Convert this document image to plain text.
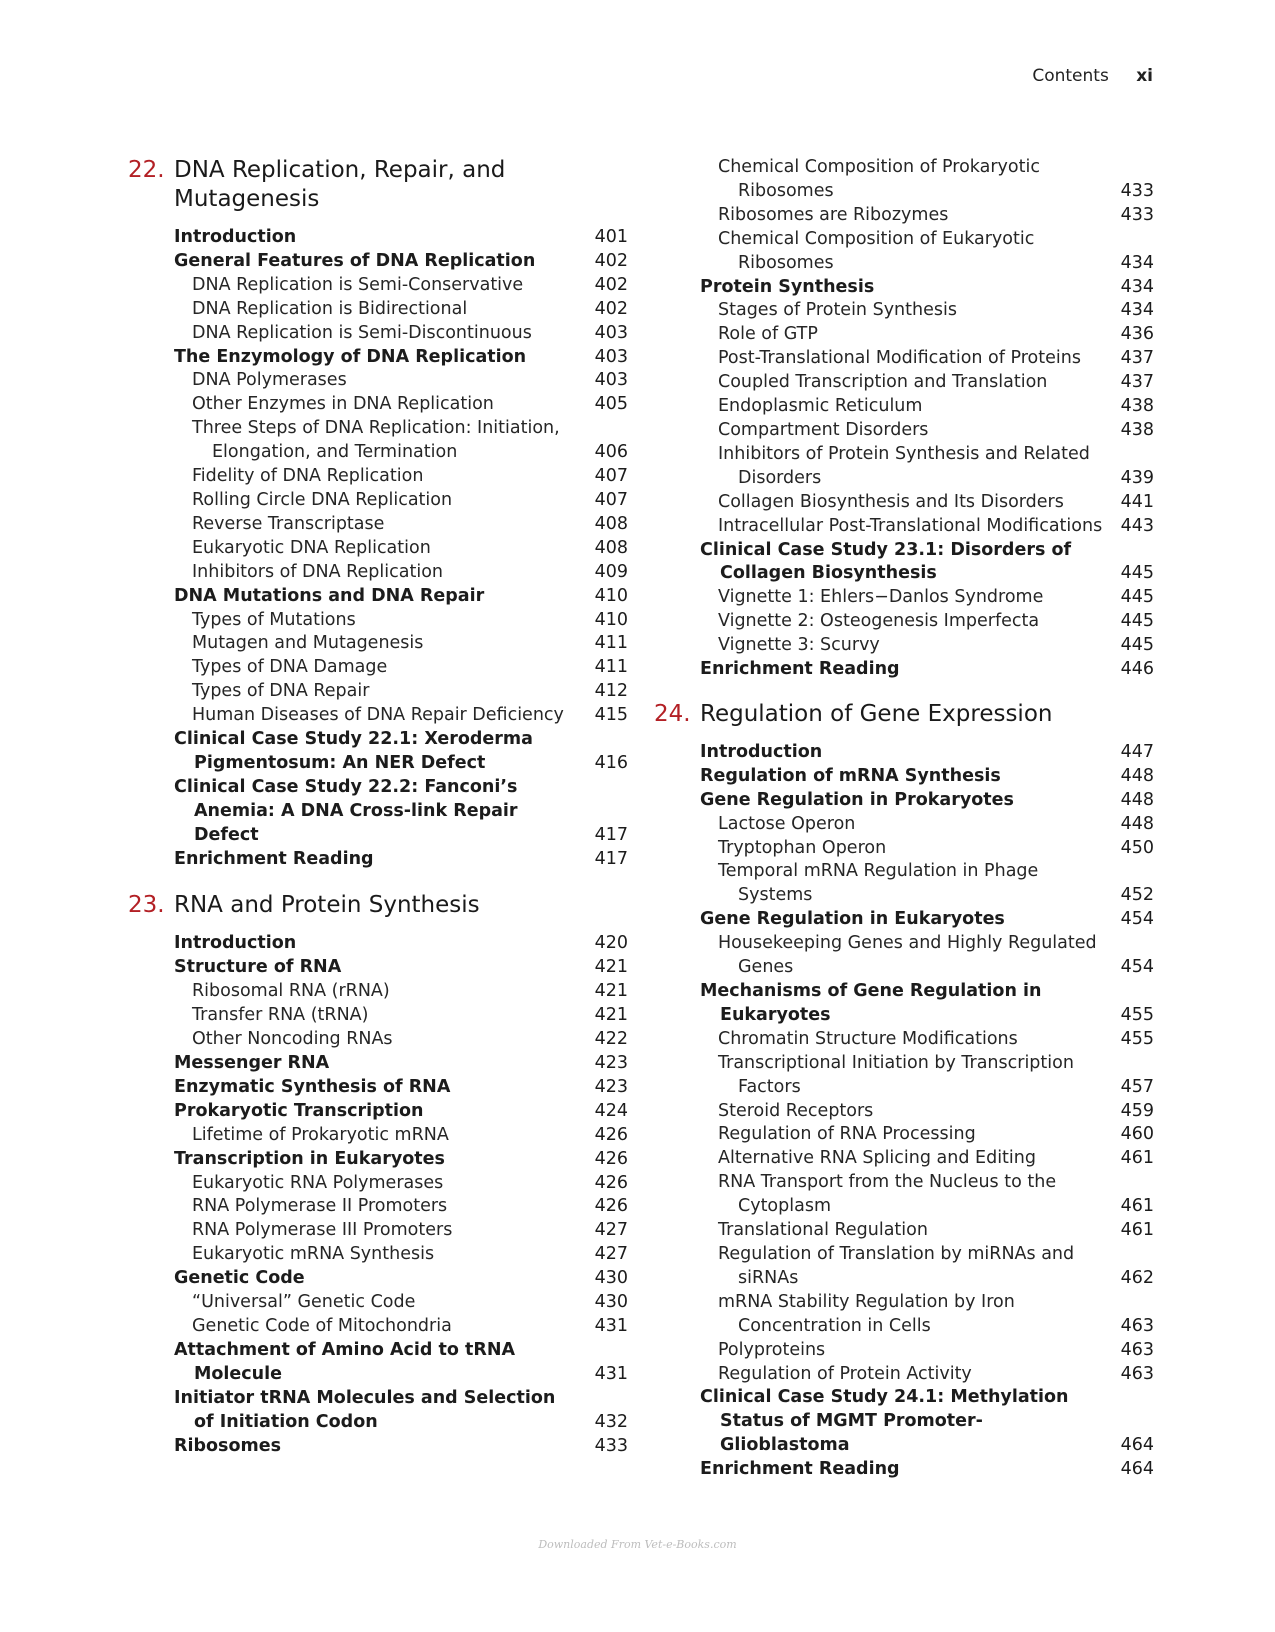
Contents xi
22. DNA Replication, Repair, and Mutagenesis
Introduction	401
General Features of DNA Replication	402
DNA Replication is Semi-Conservative	402
DNA Replication is Bidirectional	402
DNA Replication is Semi-Discontinuous	403
The Enzymology of DNA Replication	403
DNA Polymerases	403
Other Enzymes in DNA Replication	405
Three Steps of DNA Replication: Initiation, Elongation, and Termination	406
Fidelity of DNA Replication	407
Rolling Circle DNA Replication	407
Reverse Transcriptase	408
Eukaryotic DNA Replication	408
Inhibitors of DNA Replication	409
DNA Mutations and DNA Repair	410
Types of Mutations	410
Mutagen and Mutagenesis	411
Types of DNA Damage	411
Types of DNA Repair	412
Human Diseases of DNA Repair Deficiency	415
Clinical Case Study 22.1: Xeroderma Pigmentosum: An NER Defect	416
Clinical Case Study 22.2: Fanconi’s Anemia: A DNA Cross-link Repair Defect	417
Enrichment Reading	417
23. RNA and Protein Synthesis
Introduction	420
Structure of RNA	421
Ribosomal RNA (rRNA)	421
Transfer RNA (tRNA)	421
Other Noncoding RNAs	422
Messenger RNA	423
Enzymatic Synthesis of RNA	423
Prokaryotic Transcription	424
Lifetime of Prokaryotic mRNA	426
Transcription in Eukaryotes	426
Eukaryotic RNA Polymerases	426
RNA Polymerase II Promoters	426
RNA Polymerase III Promoters	427
Eukaryotic mRNA Synthesis	427
Genetic Code	430
“Universal” Genetic Code	430
Genetic Code of Mitochondria	431
Attachment of Amino Acid to tRNA Molecule	431
Initiator tRNA Molecules and Selection of Initiation Codon	432
Ribosomes	433
Chemical Composition of Prokaryotic Ribosomes	433
Ribosomes are Ribozymes	433
Chemical Composition of Eukaryotic Ribosomes	434
Protein Synthesis	434
Stages of Protein Synthesis	434
Role of GTP	436
Post-Translational Modification of Proteins	437
Coupled Transcription and Translation	437
Endoplasmic Reticulum	438
Compartment Disorders	438
Inhibitors of Protein Synthesis and Related Disorders	439
Collagen Biosynthesis and Its Disorders	441
Intracellular Post-Translational Modifications	443
Clinical Case Study 23.1: Disorders of Collagen Biosynthesis	445
Vignette 1: Ehlers−Danlos Syndrome	445
Vignette 2: Osteogenesis Imperfecta	445
Vignette 3: Scurvy	445
Enrichment Reading	446
24. Regulation of Gene Expression
Introduction	447
Regulation of mRNA Synthesis	448
Gene Regulation in Prokaryotes	448
Lactose Operon	448
Tryptophan Operon	450
Temporal mRNA Regulation in Phage Systems	452
Gene Regulation in Eukaryotes	454
Housekeeping Genes and Highly Regulated Genes	454
Mechanisms of Gene Regulation in Eukaryotes	455
Chromatin Structure Modifications	455
Transcriptional Initiation by Transcription Factors	457
Steroid Receptors	459
Regulation of RNA Processing	460
Alternative RNA Splicing and Editing	461
RNA Transport from the Nucleus to the Cytoplasm	461
Translational Regulation	461
Regulation of Translation by miRNAs and siRNAs	462
mRNA Stability Regulation by Iron Concentration in Cells	463
Polyproteins	463
Regulation of Protein Activity	463
Clinical Case Study 24.1: Methylation Status of MGMT Promoter-Glioblastoma	464
Enrichment Reading	464
Downloaded From Vet-e-Books.com
